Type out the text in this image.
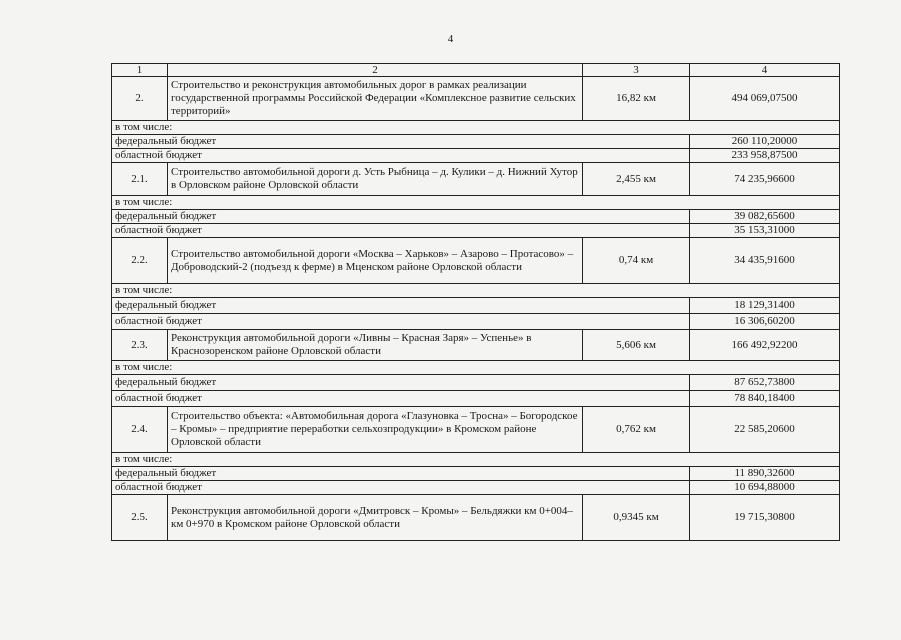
4
1	2	3	4
2.	Строительство и реконструкция автомобильных дорог в рамках реализации государственной программы Российской Федерации «Комплексное развитие сельских территорий»	16,82 км	494 069,07500
в том числе:			
федеральный бюджет			260 110,20000
областной бюджет			233 958,87500
2.1.	Строительство автомобильной дороги д. Усть Рыбница – д. Кулики – д. Нижний Хутор в Орловском районе Орловской области	2,455 км	74 235,96600
в том числе:			
федеральный бюджет			39 082,65600
областной бюджет			35 153,31000
2.2.	Строительство автомобильной дороги «Москва – Харьков» – Азарово – Протасово» – Доброводский-2 (подъезд к ферме) в Мценском районе Орловской области	0,74 км	34 435,91600
в том числе:			
федеральный бюджет			18 129,31400
областной бюджет			16 306,60200
2.3.	Реконструкция автомобильной дороги «Ливны – Красная Заря» – Успенье» в Краснозоренском районе Орловской области	5,606 км	166 492,92200
в том числе:			
федеральный бюджет			87 652,73800
областной бюджет			78 840,18400
2.4.	Строительство объекта: «Автомобильная дорога «Глазуновка – Тросна» – Богородское – Кромы» – предприятие переработки сельхозпродукции» в Кромском районе Орловской области	0,762 км	22 585,20600
в том числе:			
федеральный бюджет			11 890,32600
областной бюджет			10 694,88000
2.5.	Реконструкция автомобильной дороги «Дмитровск – Кромы» – Бельдяжки км 0+004–км 0+970 в Кромском районе Орловской области	0,9345 км	19 715,30800
